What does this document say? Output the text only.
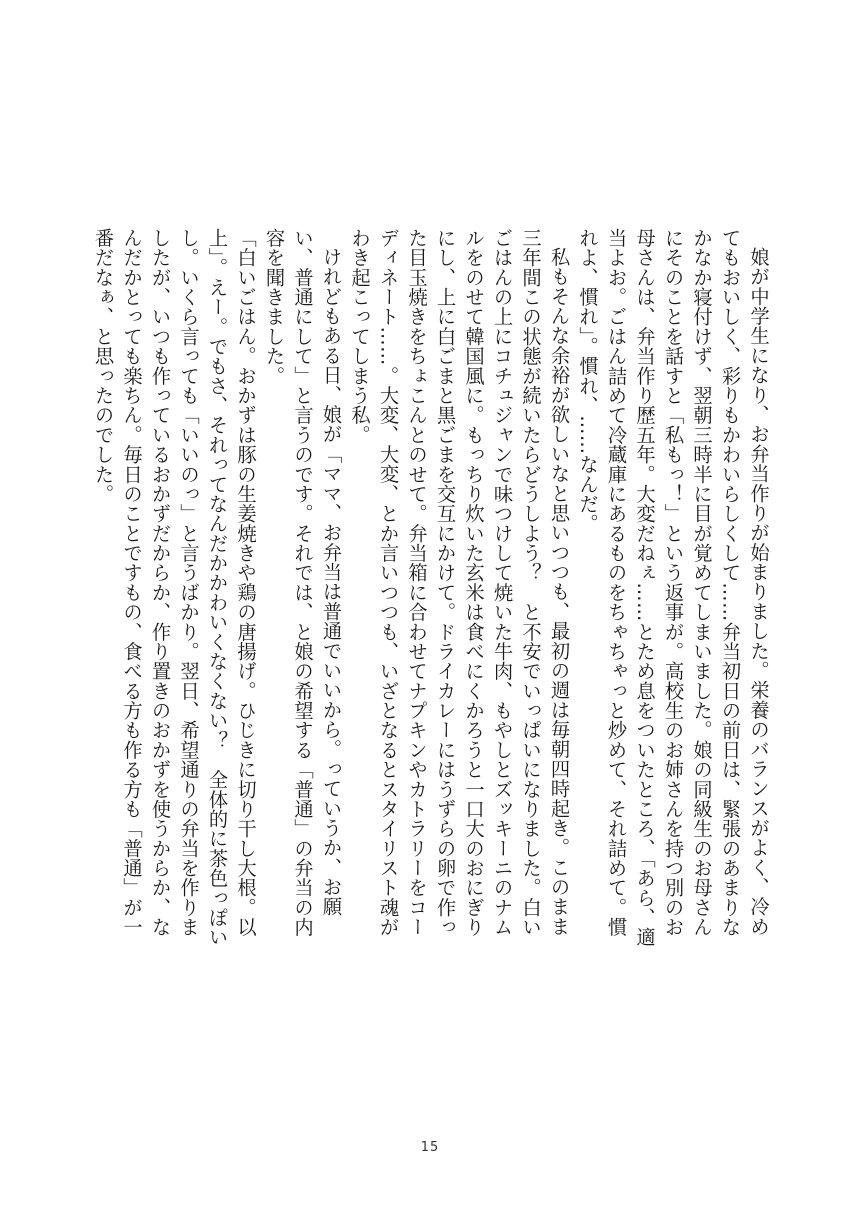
娘が中学生になり、お弁当作りが始まりました。栄養のバランスがよく、冷めてもおいしく、彩りもかわいらしくして……弁当初日の前日は、緊張のあまりなかなか寝付けず、翌朝三時半に目が覚めてしまいました。娘の同級生のお母さんにそのことを話すと「私もっ！」という返事が。高校生のお姉さんを持つ別のお母さんは、弁当作り歴五年。大変だねぇ……とため息をついたところ、「あら、適当よお。ごはん詰めて冷蔵庫にあるものをちゃちゃっと炒めて、それ詰めて。慣れよ、慣れ」。慣れ、……なんだ。

私もそんな余裕が欲しいなと思いつつも、最初の週は毎朝四時起き。このまま三年間この状態が続いたらどうしよう？　と不安でいっぱいになりました。白いごはんの上にコチュジャンで味つけして焼いた牛肉、もやしとズッキーニのナムルをのせて韓国風に。もっちり炊いた玄米は食べにくかろうと一口大のおにぎりにし、上に白ごまと黒ごまを交互にかけて。ドライカレーにはうずらの卵で作った目玉焼きをちょこんとのせて。弁当箱に合わせてナプキンやカトラリーをコーディネート……。大変、大変、とか言いつつも、いざとなるとスタイリスト魂がわき起こってしまう私。

けれどもある日、娘が「ママ、お弁当は普通でいいから。っていうか、お願い、普通にして」と言うのです。それでは、と娘の希望する「普通」の弁当の内容を聞きました。

「白いごはん。おかずは豚の生姜焼きや鶏の唐揚げ。ひじきに切り干し大根。以上」。えー。でもさ、それってなんだかかわいくなくない？　全体的に茶色っぽいし。いくら言っても「いいのっ」と言うばかり。翌日、希望通りの弁当を作りましたが、いつも作っているおかずだからか、作り置きのおかずを使うからか、なんだかとっても楽ちん。毎日のことですもの、食べる方も作る方も「普通」が一番だなぁ、と思ったのでした。

15
